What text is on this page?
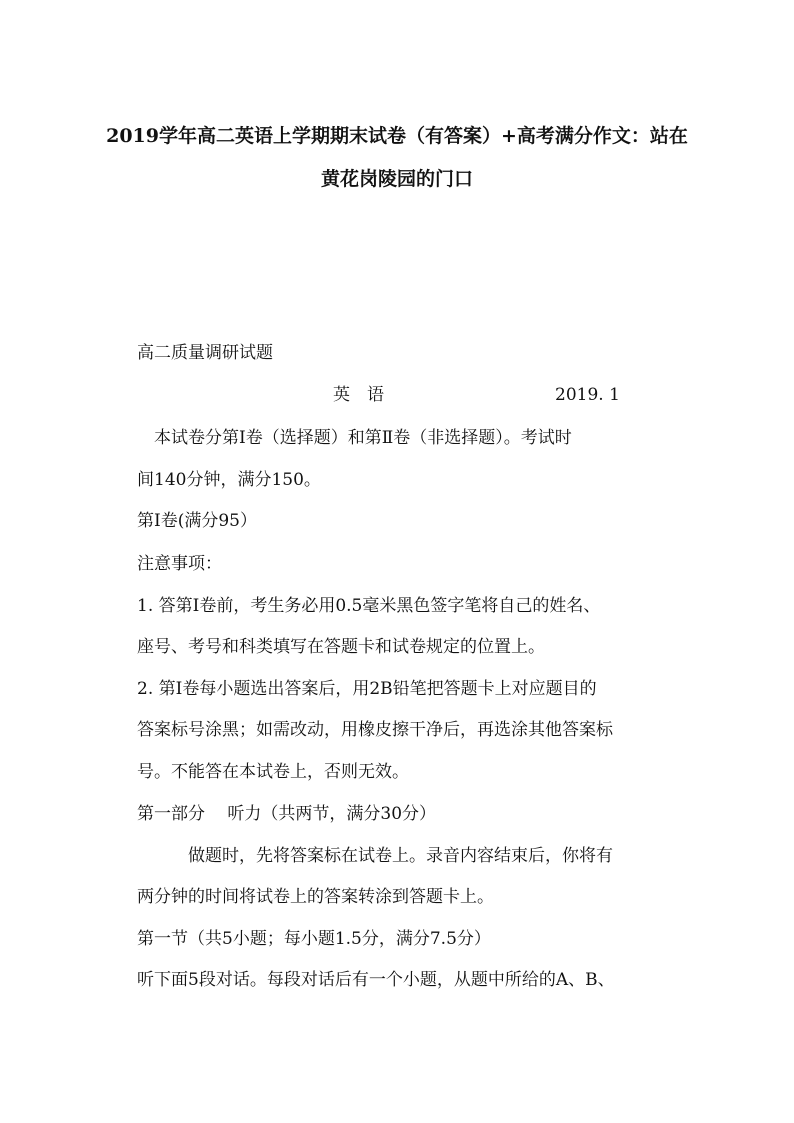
2019学年高二英语上学期期末试卷（有答案）+高考满分作文：站在
黄花岗陵园的门口
高二质量调研试题
英　语	2019. 1
　本试卷分第Ⅰ卷（选择题）和第Ⅱ卷（非选择题）。考试时
间140分钟，满分150。
第Ⅰ卷(满分95）
注意事项：
1. 答第Ⅰ卷前，考生务必用0.5毫米黑色签字笔将自己的姓名、
座号、考号和科类填写在答题卡和试卷规定的位置上。
2. 第Ⅰ卷每小题选出答案后，用2B铅笔把答题卡上对应题目的
答案标号涂黑；如需改动，用橡皮擦干净后，再选涂其他答案标
号。不能答在本试卷上，否则无效。
第一部分　 听力（共两节，满分30分）
　　　做题时，先将答案标在试卷上。录音内容结束后，你将有
两分钟的时间将试卷上的答案转涂到答题卡上。
第一节（共5小题；每小题1.5分，满分7.5分）
听下面5段对话。每段对话后有一个小题，从题中所给的A、B、
